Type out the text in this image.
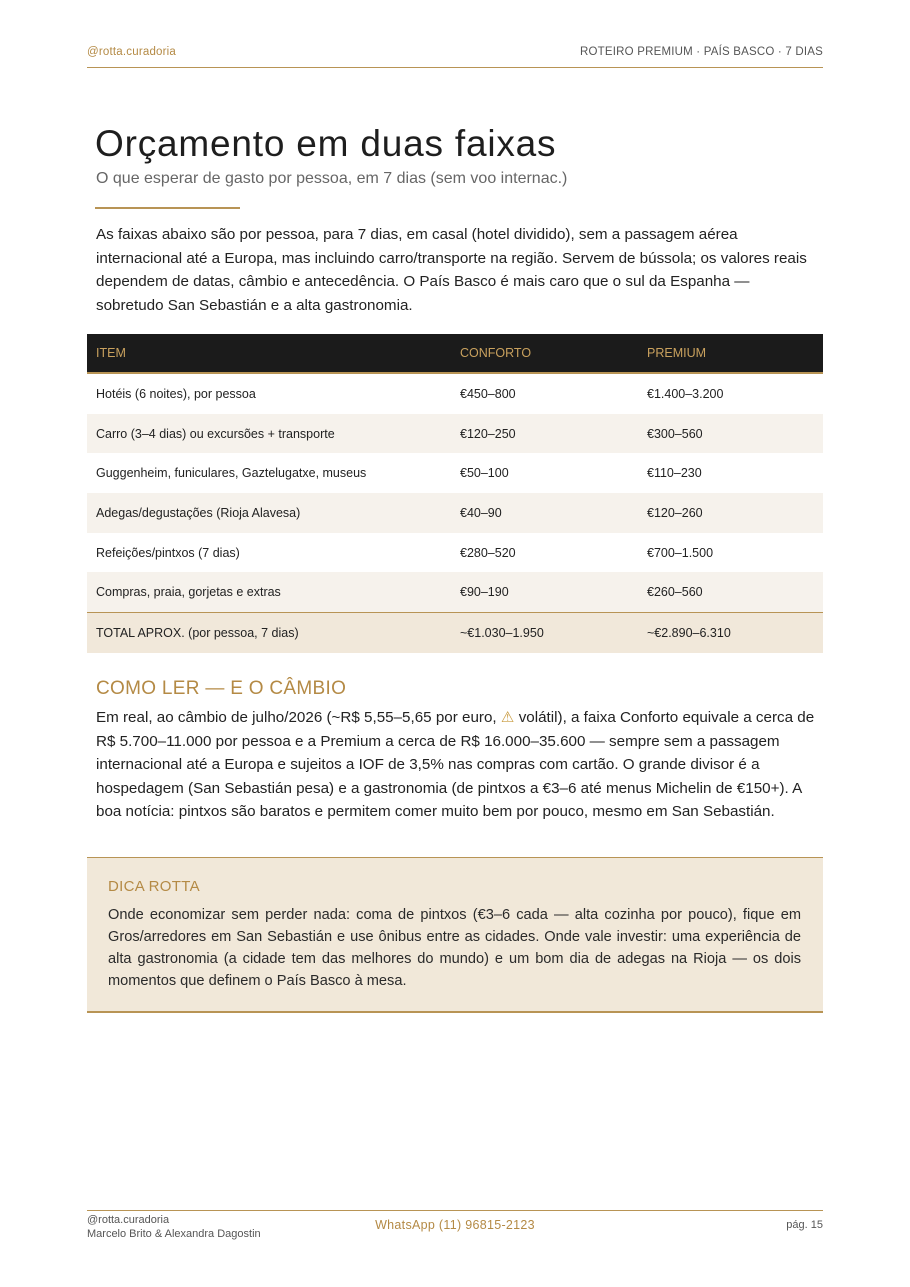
@rotta.curadoria	ROTEIRO PREMIUM · PAÍS BASCO · 7 DIAS
Orçamento em duas faixas
O que esperar de gasto por pessoa, em 7 dias (sem voo internac.)

As faixas abaixo são por pessoa, para 7 dias, em casal (hotel dividido), sem a passagem aérea internacional até a Europa, mas incluindo carro/transporte na região. Servem de bússola; os valores reais dependem de datas, câmbio e antecedência. O País Basco é mais caro que o sul da Espanha — sobretudo San Sebastián e a alta gastronomia.

ITEM	CONFORTO	PREMIUM
Hotéis (6 noites), por pessoa	€450–800	€1.400–3.200
Carro (3–4 dias) ou excursões + transporte	€120–250	€300–560
Guggenheim, funiculares, Gaztelugatxe, museus	€50–100	€110–230
Adegas/degustações (Rioja Alavesa)	€40–90	€120–260
Refeições/pintxos (7 dias)	€280–520	€700–1.500
Compras, praia, gorjetas e extras	€90–190	€260–560
TOTAL APROX. (por pessoa, 7 dias)	~€1.030–1.950	~€2.890–6.310
COMO LER — E O CÂMBIO

Em real, ao câmbio de julho/2026 (~R$ 5,55–5,65 por euro, ⚠ volátil), a faixa Conforto equivale a cerca de R$ 5.700–11.000 por pessoa e a Premium a cerca de R$ 16.000–35.600 — sempre sem a passagem internacional até a Europa e sujeitos a IOF de 3,5% nas compras com cartão. O grande divisor é a hospedagem (San Sebastián pesa) e a gastronomia (de pintxos a €3–6 até menus Michelin de €150+). A boa notícia: pintxos são baratos e permitem comer muito bem por pouco, mesmo em San Sebastián.

DICA ROTTA
Onde economizar sem perder nada: coma de pintxos (€3–6 cada — alta cozinha por pouco), fique em Gros/arredores em San Sebastián e use ônibus entre as cidades. Onde vale investir: uma experiência de alta gastronomia (a cidade tem das melhores do mundo) e um bom dia de adegas na Rioja — os dois momentos que definem o País Basco à mesa.
@rotta.curadoria
Marcelo Brito & Alexandra Dagostin
WhatsApp (11) 96815-2123	pág. 15
